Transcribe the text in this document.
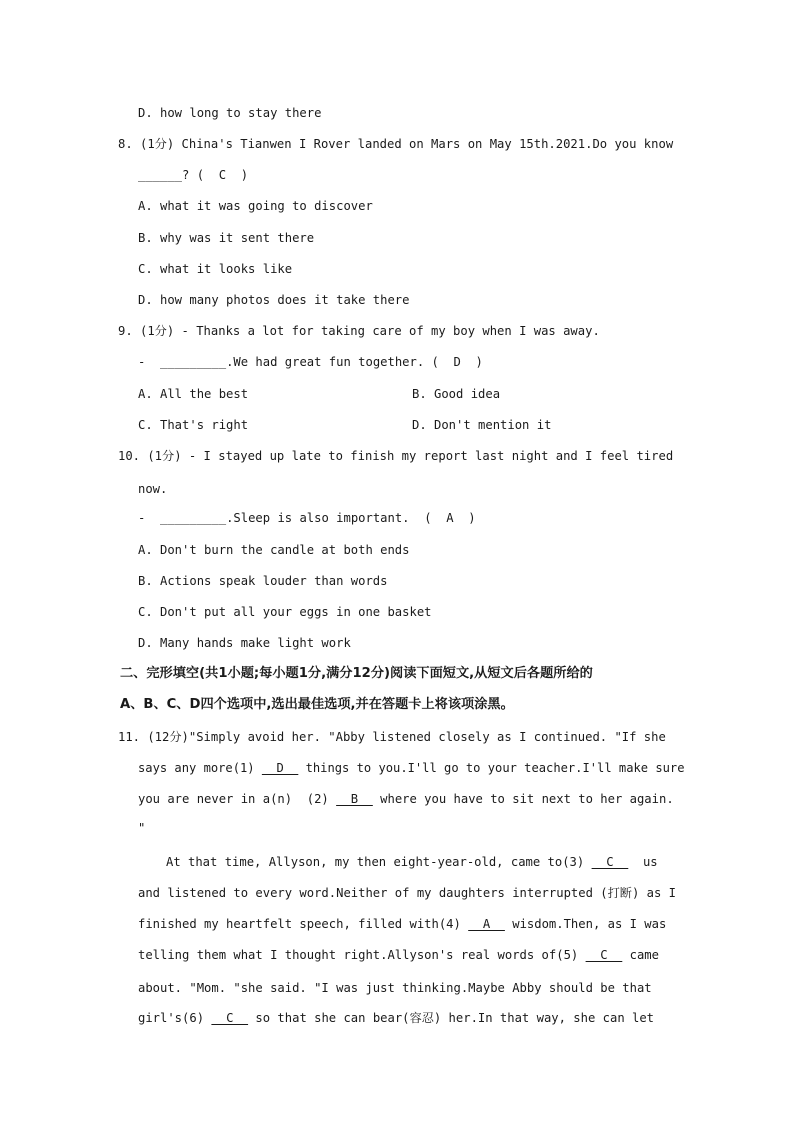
D. how long to stay there
8. (1分) China's Tianwen I Rover landed on Mars on May 15th.2021.Do you know
______? (  C  )
A. what it was going to discover
B. why was it sent there
C. what it looks like
D. how many photos does it take there
9. (1分) - Thanks a lot for taking care of my boy when I was away.
- _________.We had great fun together. (  D  )
A. All the best	B. Good idea
C. That's right	D. Don't mention it
10. (1分) - I stayed up late to finish my report last night and I feel tired
now.
- _________.Sleep is also important.  (  A  )
A. Don't burn the candle at both ends
B. Actions speak louder than words
C. Don't put all your eggs in one basket
D. Many hands make light work
二、完形填空(共1小题;每小题1分,满分12分)阅读下面短文,从短文后各题所给的
A、B、C、D四个选项中,选出最佳选项,并在答题卡上将该项涂黑。
11. (12分)"Simply avoid her. "Abby listened closely as I continued. "If she
says any more(1)   D   things to you.I'll go to your teacher.I'll make sure
you are never in a(n)  (2)   B   where you have to sit next to her again.
"
At that time, Allyson, my then eight-year-old, came to(3)   C    us
and listened to every word.Neither of my daughters interrupted (打断) as I
finished my heartfelt speech, filled with(4)   A   wisdom.Then, as I was
telling them what I thought right.Allyson's real words of(5)   C   came
about. "Mom. "she said. "I was just thinking.Maybe Abby should be that
girl's(6)   C   so that she can bear(容忍) her.In that way, she can let
